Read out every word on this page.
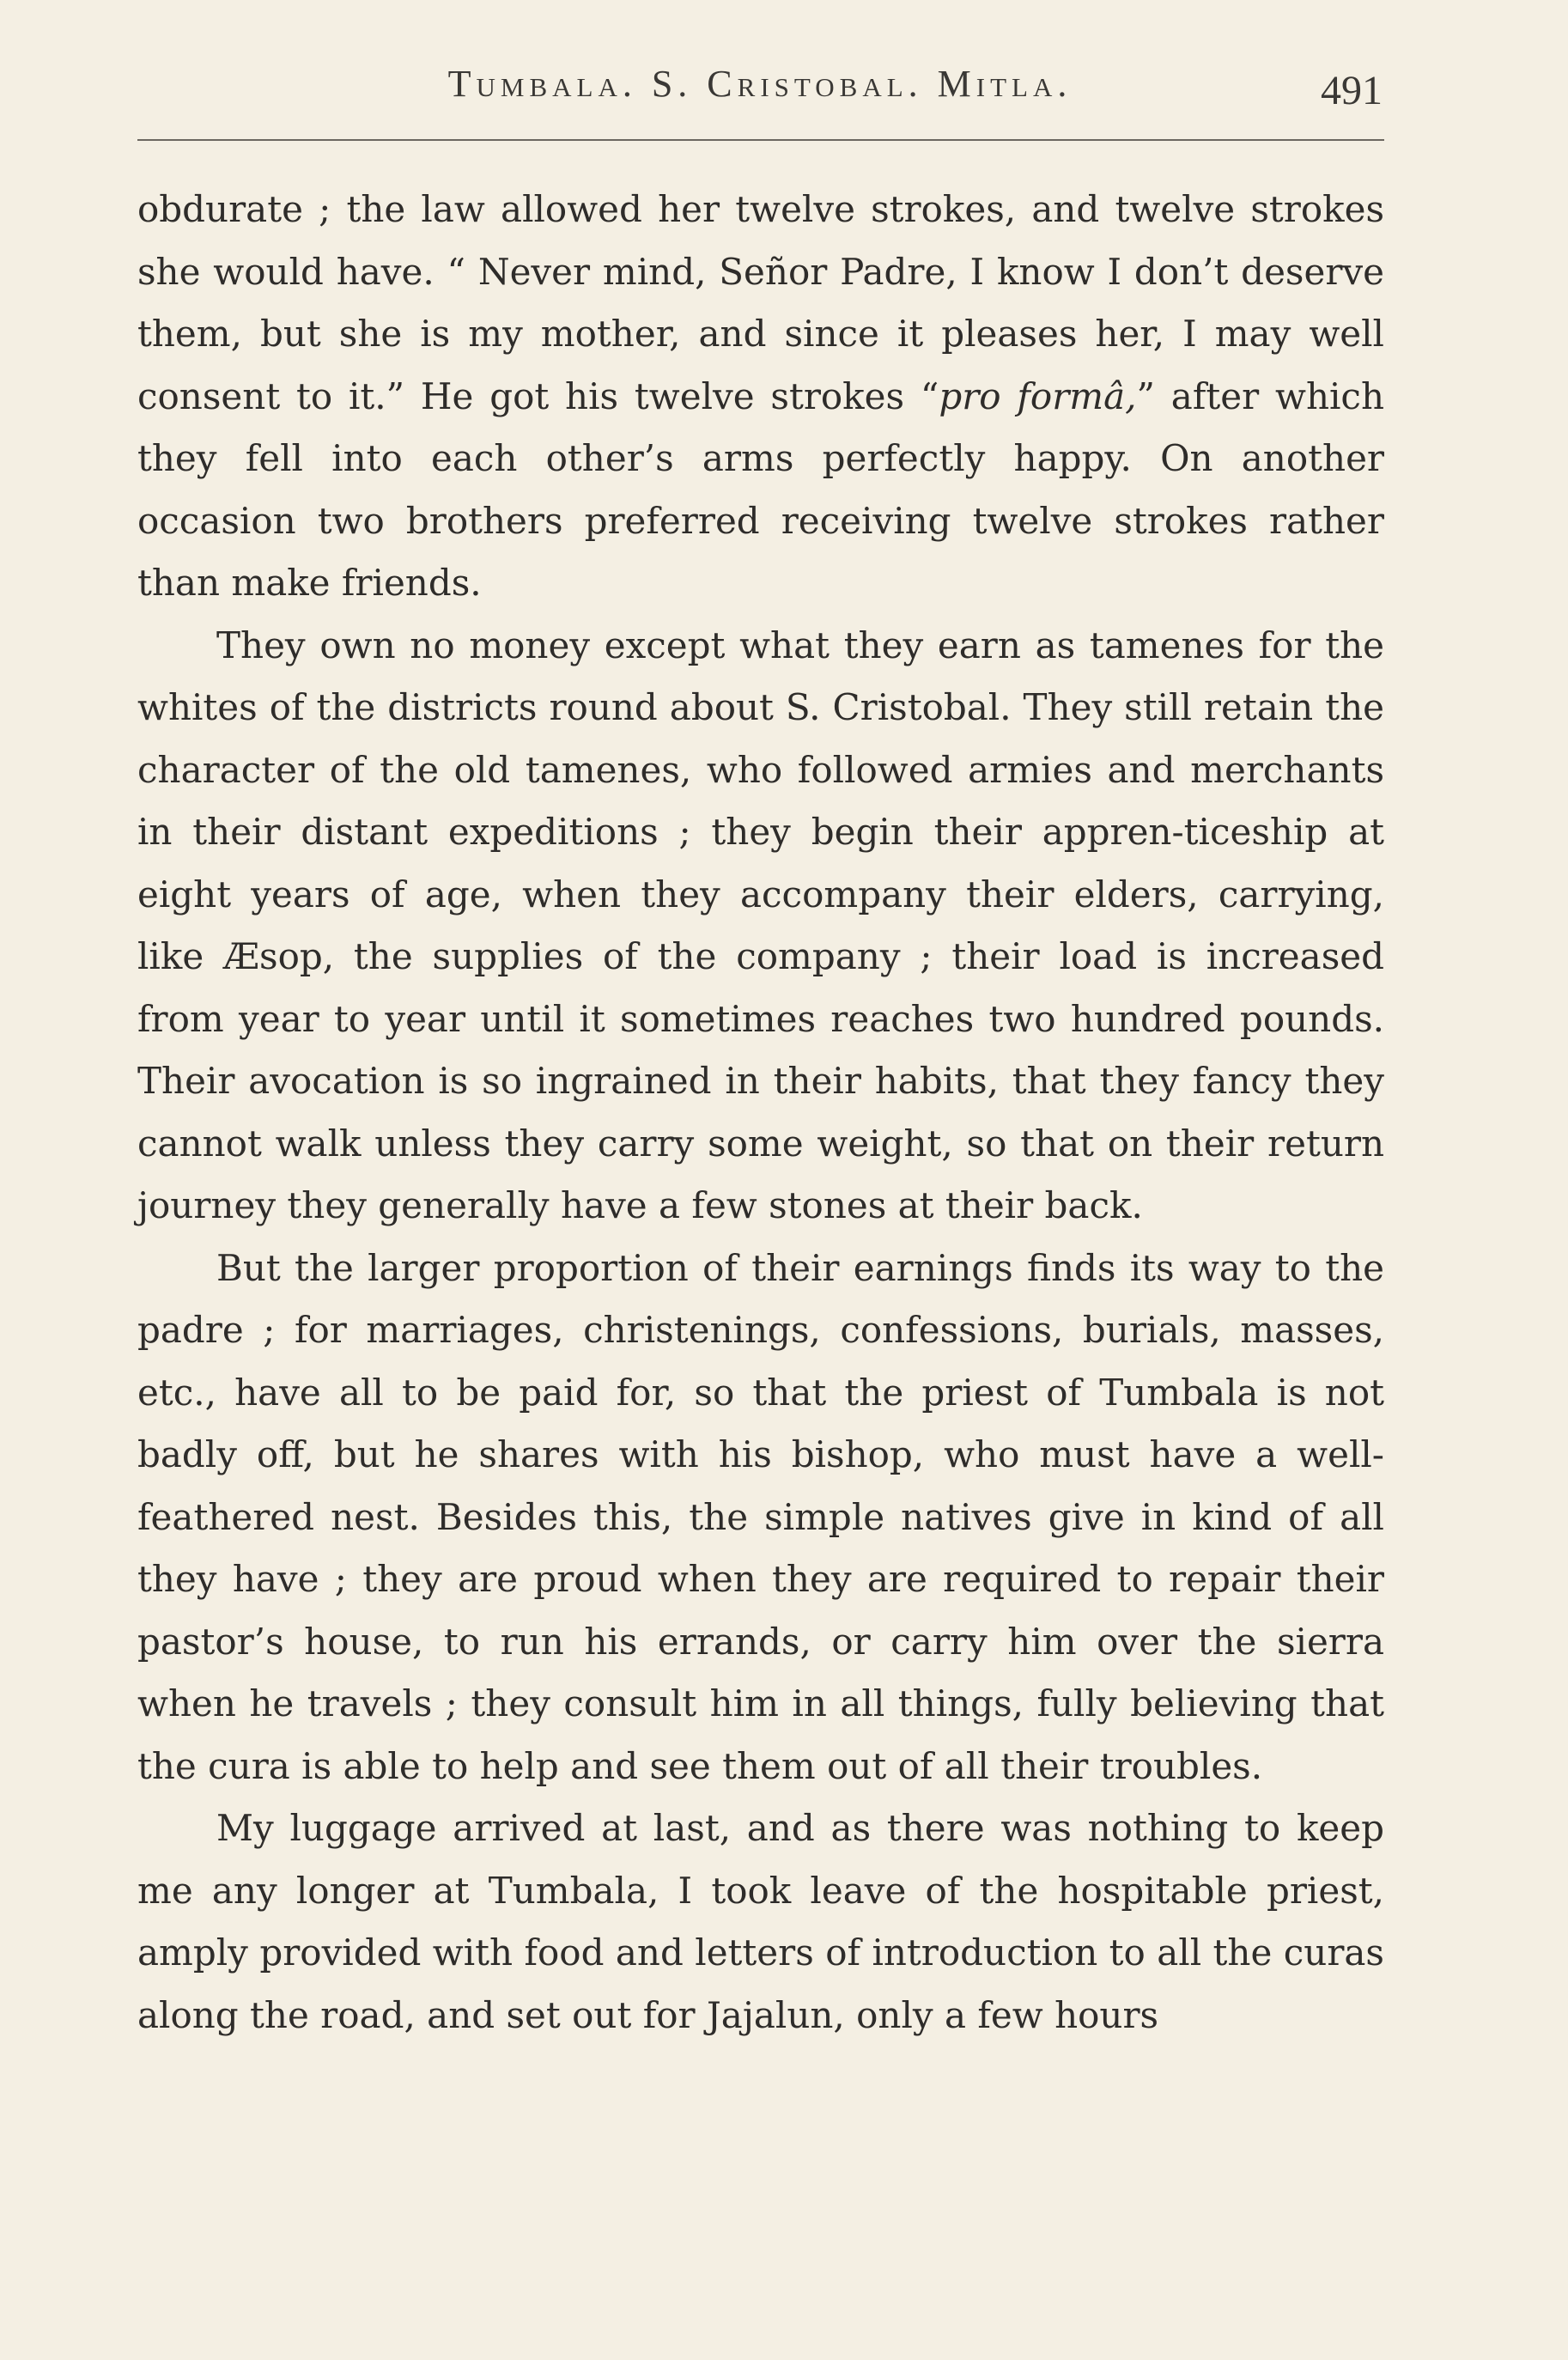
Tumbala. S. Cristobal. Mitla.	491

obdurate ; the law allowed her twelve strokes, and twelve strokes she would have. “ Never mind, Señor Padre, I know I don’t deserve them, but she is my mother, and since it pleases her, I may well consent to it.” He got his twelve strokes “pro formâ,” after which they fell into each other’s arms perfectly happy. On another occasion two brothers preferred receiving twelve strokes rather than make friends.

They own no money except what they earn as tamenes for the whites of the districts round about S. Cristobal. They still retain the character of the old tamenes, who followed armies and merchants in their distant expeditions ; they begin their appren-ticeship at eight years of age, when they accompany their elders, carrying, like Æsop, the supplies of the company ; their load is increased from year to year until it sometimes reaches two hundred pounds. Their avocation is so ingrained in their habits, that they fancy they cannot walk unless they carry some weight, so that on their return journey they generally have a few stones at their back.

But the larger proportion of their earnings finds its way to the padre ; for marriages, christenings, confessions, burials, masses, etc., have all to be paid for, so that the priest of Tumbala is not badly off, but he shares with his bishop, who must have a well-feathered nest. Besides this, the simple natives give in kind of all they have ; they are proud when they are required to repair their pastor’s house, to run his errands, or carry him over the sierra when he travels ; they consult him in all things, fully believing that the cura is able to help and see them out of all their troubles.

My luggage arrived at last, and as there was nothing to keep me any longer at Tumbala, I took leave of the hospitable priest, amply provided with food and letters of introduction to all the curas along the road, and set out for Jajalun, only a few hours
